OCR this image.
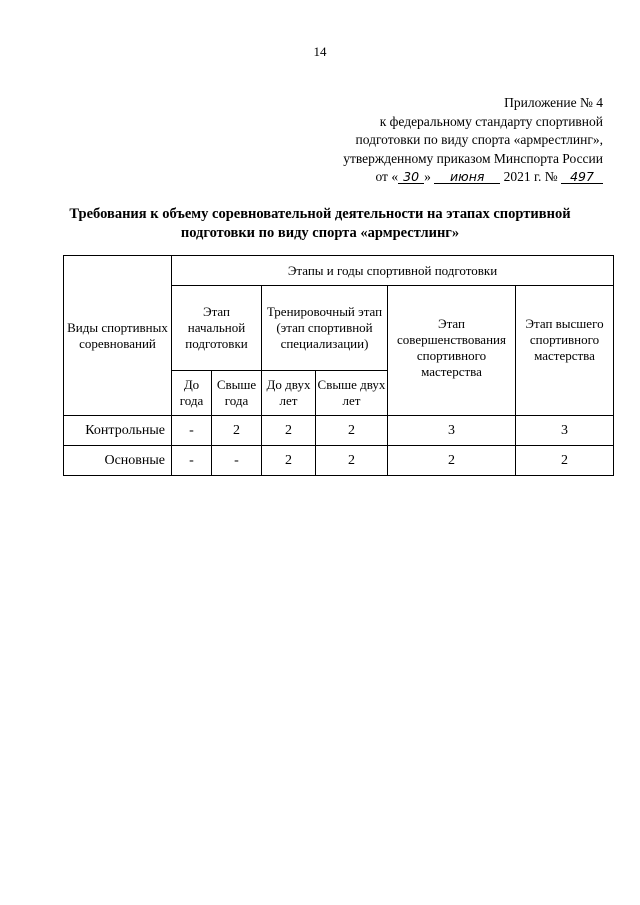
14
Приложение № 4
к федеральному стандарту спортивной
подготовки по виду спорта «армрестлинг»,
утвержденному приказом Минспорта России
от « 30 » июня 2021 г. № 497
Требования к объему соревновательной деятельности на этапах спортивной
подготовки по виду спорта «армрестлинг»
Виды спортивных соревнований	Этапы и годы спортивной подготовки					
	Этап начальной подготовки		Тренировочный этап (этап спортивной специализации)		Этап совершенствования спортивного мастерства	Этап высшего спортивного мастерства
	До года	Свыше года	До двух лет	Свыше двух лет		
Контрольные	-	2	2	2	3	3
Основные	-	-	2	2	2	2
